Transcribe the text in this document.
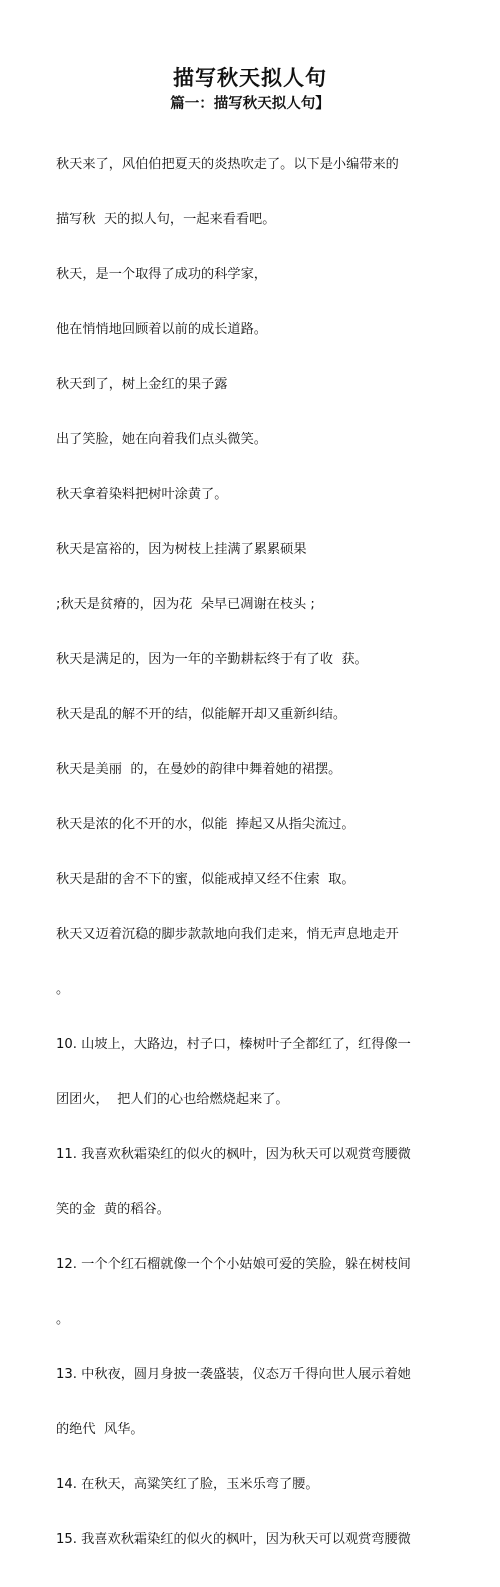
描写秋天拟人句
篇一：描写秋天拟人句】

秋天来了，风伯伯把夏天的炎热吹走了。以下是小编带来的

描写秋  天的拟人句，一起来看看吧。

秋天，是一个取得了成功的科学家，

他在悄悄地回顾着以前的成长道路。

秋天到了，树上金红的果子露

出了笑脸，她在向着我们点头微笑。

秋天拿着染料把树叶涂黄了。

秋天是富裕的，因为树枝上挂满了累累硕果

;秋天是贫瘠的，因为花  朵早已凋谢在枝头 ;

秋天是满足的，因为一年的辛勤耕耘终于有了收  获。

秋天是乱的解不开的结，似能解开却又重新纠结。

秋天是美丽  的，在曼妙的韵律中舞着她的裙摆。

秋天是浓的化不开的水，似能  捧起又从指尖流过。

秋天是甜的舍不下的蜜，似能戒掉又经不住索  取。

秋天又迈着沉稳的脚步款款地向我们走来，悄无声息地走开

。

10. 山坡上，大路边，村子口，榛树叶子全都红了，红得像一

团团火，  把人们的心也给燃烧起来了。

11. 我喜欢秋霜染红的似火的枫叶，因为秋天可以观赏弯腰微

笑的金  黄的稻谷。

12. 一个个红石榴就像一个个小姑娘可爱的笑脸，躲在树枝间

。

13. 中秋夜，圆月身披一袭盛装，仪态万千得向世人展示着她

的绝代  风华。

14. 在秋天，高粱笑红了脸，玉米乐弯了腰。

15. 我喜欢秋霜染红的似火的枫叶，因为秋天可以观赏弯腰微
